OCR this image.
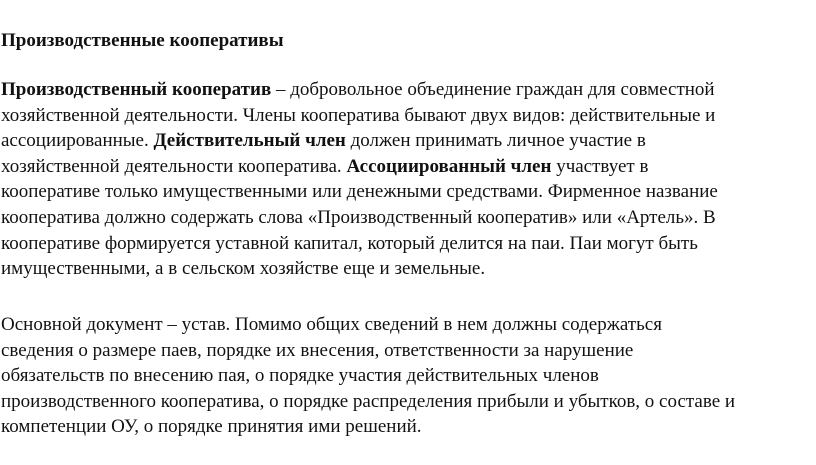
Производственные кооперативы

Производственный кооператив – добровольное объединение граждан для совместной
хозяйственной деятельности. Члены кооператива бывают двух видов: действительные и
ассоциированные. Действительный член должен принимать личное участие в
хозяйственной деятельности кооператива. Ассоциированный член участвует в
кооперативе только имущественными или денежными средствами. Фирменное название
кооператива должно содержать слова «Производственный кооператив» или «Артель». В
кооперативе формируется уставной капитал, который делится на паи. Паи могут быть
имущественными, а в сельском хозяйстве еще и земельные.

Основной документ – устав. Помимо общих сведений в нем должны содержаться
сведения о размере паев, порядке их внесения, ответственности за нарушение
обязательств по внесению пая, о порядке участия действительных членов
производственного кооператива, о порядке распределения прибыли и убытков, о составе и
компетенции ОУ, о порядке принятия ими решений.
